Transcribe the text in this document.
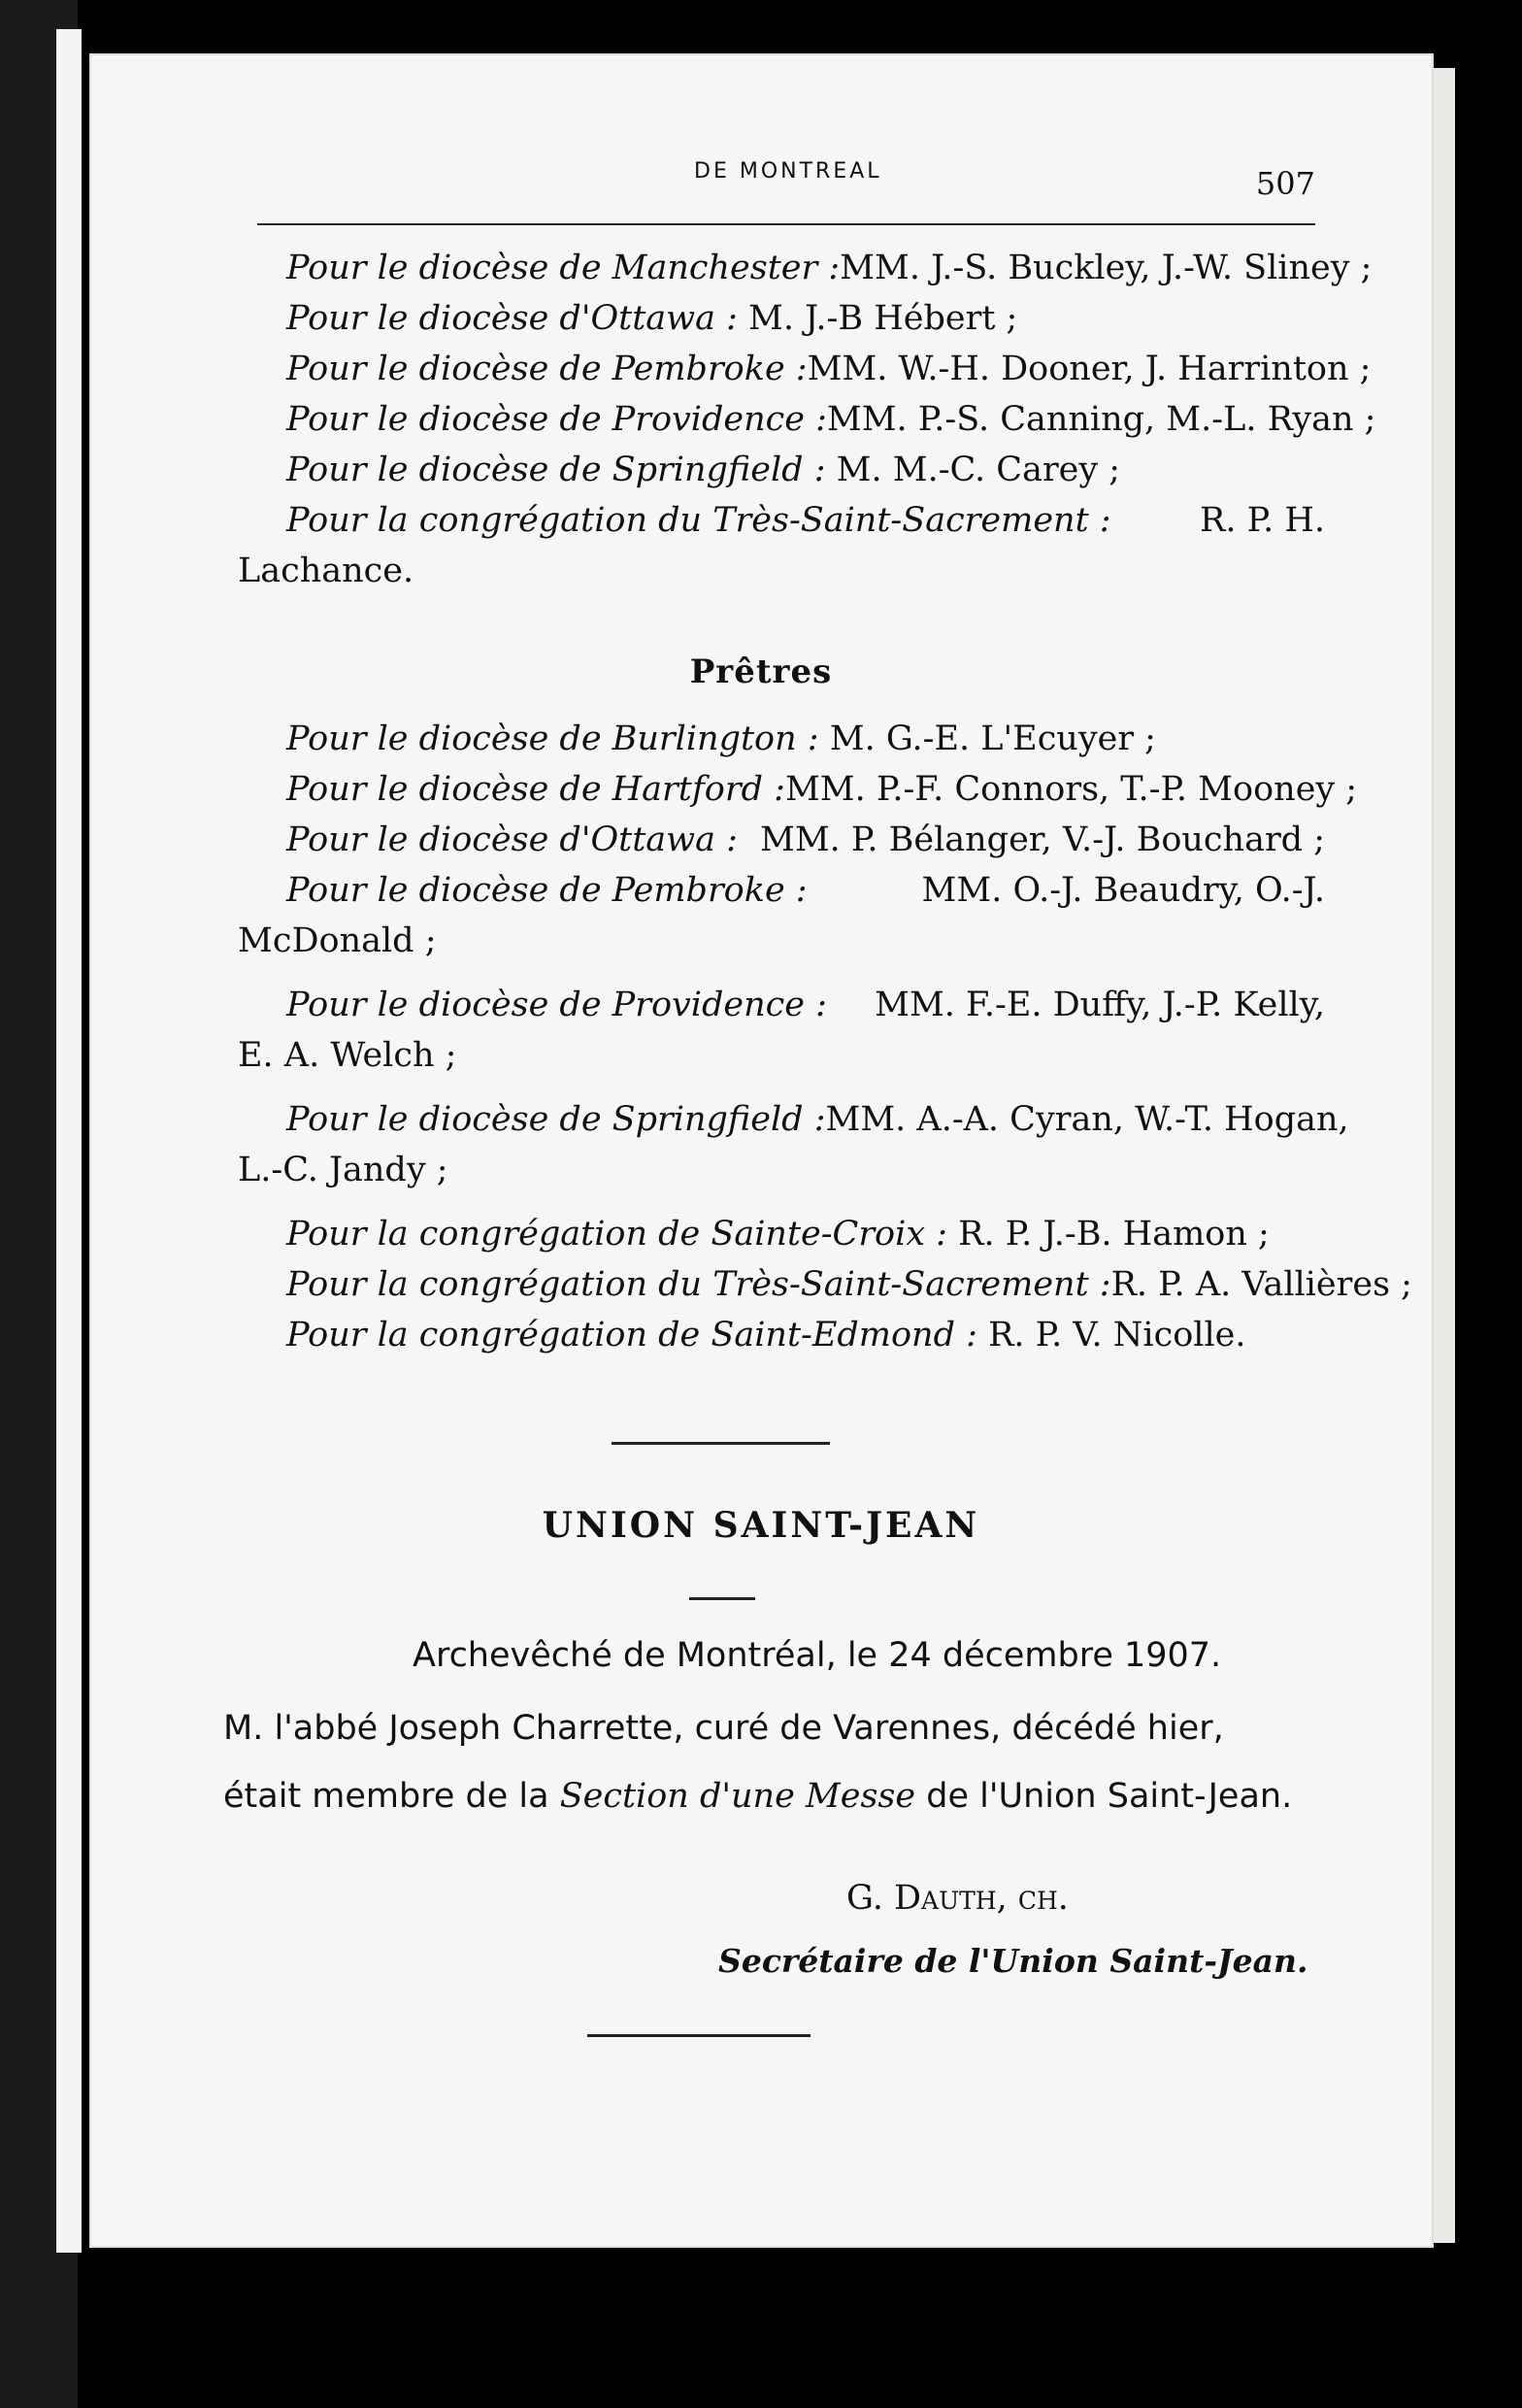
DE MONTREAL	507
Pour le diocèse de Manchester : MM. J.-S. Buckley, J.-W. Sliney ;
Pour le diocèse d'Ottawa : M. J.-B Hébert ;
Pour le diocèse de Pembroke : MM. W.-H. Dooner, J. Harrinton ;
Pour le diocèse de Providence : MM. P.-S. Canning, M.-L. Ryan ;
Pour le diocèse de Springfield : M. M.-C. Carey ;
Pour la congrégation du Très-Saint-Sacrement :	R. P. H.
Lachance.
Prêtres
Pour le diocèse de Burlington : M. G.-E. L'Ecuyer ;
Pour le diocèse de Hartford : MM. P.-F. Connors, T.-P. Mooney ;
Pour le diocèse d'Ottawa : MM. P. Bélanger, V.-J. Bouchard ;
Pour le diocèse de Pembroke :	MM. O.-J. Beaudry, O.-J.
McDonald ;
Pour le diocèse de Providence : MM. F.-E. Duffy, J.-P. Kelly,
E. A. Welch ;
Pour le diocèse de Springfield : MM. A.-A. Cyran, W.-T. Hogan,
L.-C. Jandy ;
Pour la congrégation de Sainte-Croix : R. P. J.-B. Hamon ;
Pour la congrégation du Très-Saint-Sacrement : R. P. A. Vallières ;
Pour la congrégation de Saint-Edmond : R. P. V. Nicolle.
UNION SAINT-JEAN
Archevêché de Montréal, le 24 décembre 1907.
M. l'abbé Joseph Charrette, curé de Varennes, décédé hier,
était membre de la Section d'une Messe de l'Union Saint-Jean.
G. Dauth, ch.
Secrétaire de l'Union Saint-Jean.
